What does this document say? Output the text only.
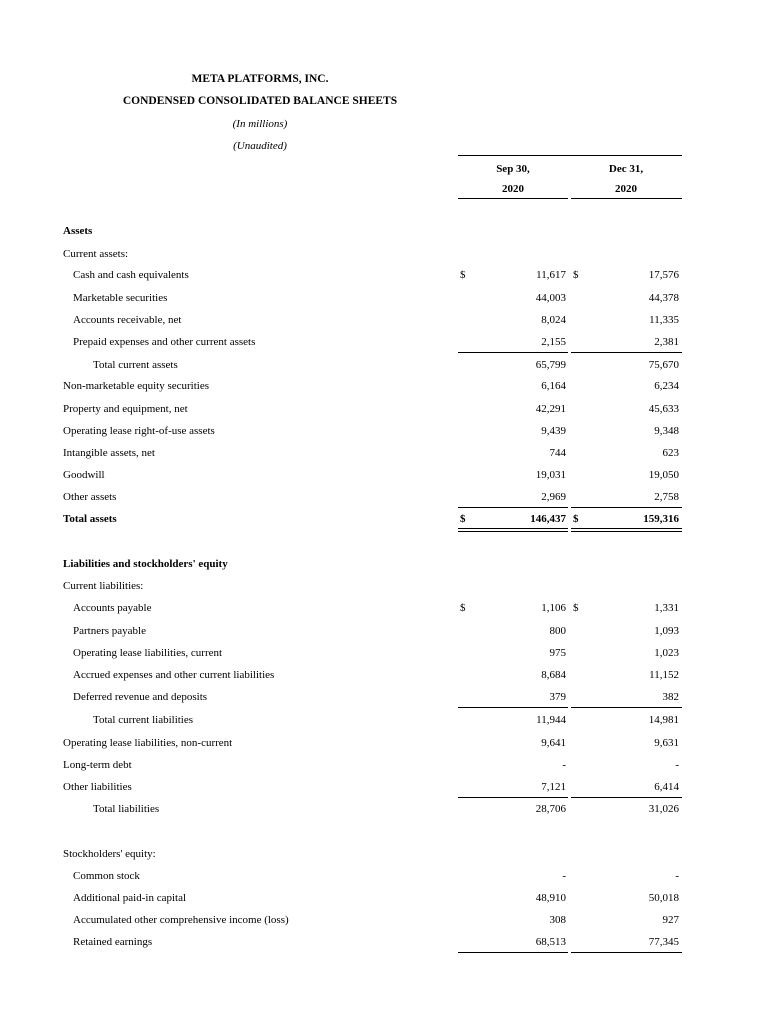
META PLATFORMS, INC.
CONDENSED CONSOLIDATED BALANCE SHEETS
(In millions)
(Unaudited)
Sep 30,
2020
Dec 31,
2020
Assets
Current assets:
Cash and cash equivalents	$	11,617 $	17,576
Marketable securities	44,003	44,378
Accounts receivable, net	8,024	11,335
Prepaid expenses and other current assets	2,155	2,381
Total current assets	65,799	75,670
Non-marketable equity securities	6,164	6,234
Property and equipment, net	42,291	45,633
Operating lease right-of-use assets	9,439	9,348
Intangible assets, net	744	623
Goodwill	19,031	19,050
Other assets	2,969	2,758
Total assets	$	146,437 $	159,316
Liabilities and stockholders' equity
Current liabilities:
Accounts payable	$	1,106 $	1,331
Partners payable	800	1,093
Operating lease liabilities, current	975	1,023
Accrued expenses and other current liabilities	8,684	11,152
Deferred revenue and deposits	379	382
Total current liabilities	11,944	14,981
Operating lease liabilities, non-current	9,641	9,631
Long-term debt	-	-
Other liabilities	7,121	6,414
Total liabilities	28,706	31,026
Stockholders' equity:
Common stock	-	-
Additional paid-in capital	48,910	50,018
Accumulated other comprehensive income (loss)	308	927
Retained earnings	68,513	77,345
